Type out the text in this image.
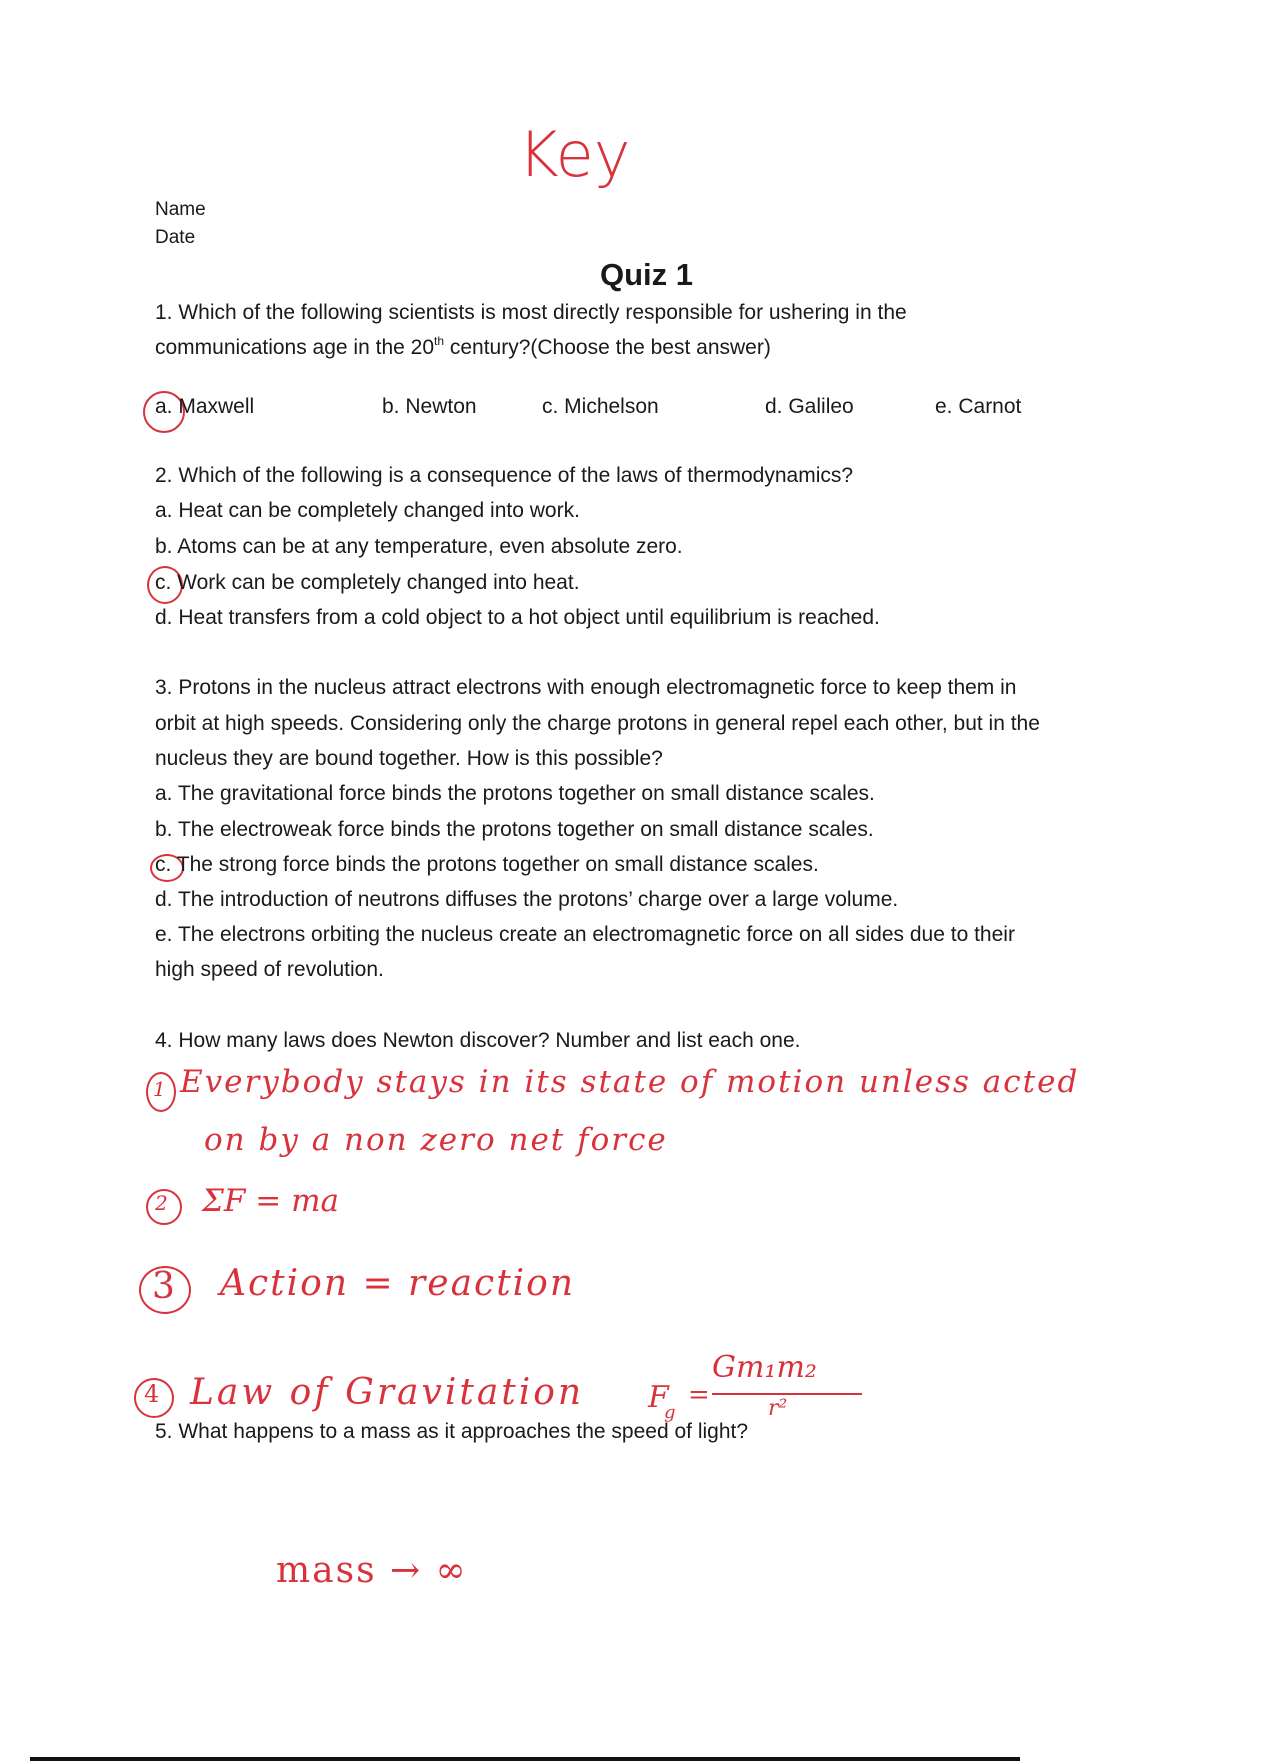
Key
Name
Date
Quiz 1
1. Which of the following scientists is most directly responsible for ushering in the
communications age in the 20th century?(Choose the best answer)
a. Maxwell	b. Newton	c. Michelson	d. Galileo	e. Carnot
2. Which of the following is a consequence of the laws of thermodynamics?
a. Heat can be completely changed into work.
b. Atoms can be at any temperature, even absolute zero.
c. Work can be completely changed into heat.
d. Heat transfers from a cold object to a hot object until equilibrium is reached.
3. Protons in the nucleus attract electrons with enough electromagnetic force to keep them in
orbit at high speeds. Considering only the charge protons in general repel each other, but in the
nucleus they are bound together. How is this possible?
a. The gravitational force binds the protons together on small distance scales.
b. The electroweak force binds the protons together on small distance scales.
c. The strong force binds the protons together on small distance scales.
d. The introduction of neutrons diffuses the protons’ charge over a large volume.
e. The electrons orbiting the nucleus create an electromagnetic force on all sides due to their
high speed of revolution.
4. How many laws does Newton discover? Number and list each one.
1 Everybody stays in its state of motion unless acted
on by a non zero net force
2 ΣF = ma
3 Action = reaction
4 Law of Gravitation F
g
=
Gm₁m₂
r²
5. What happens to a mass as it approaches the speed of light?
mass → ∞
